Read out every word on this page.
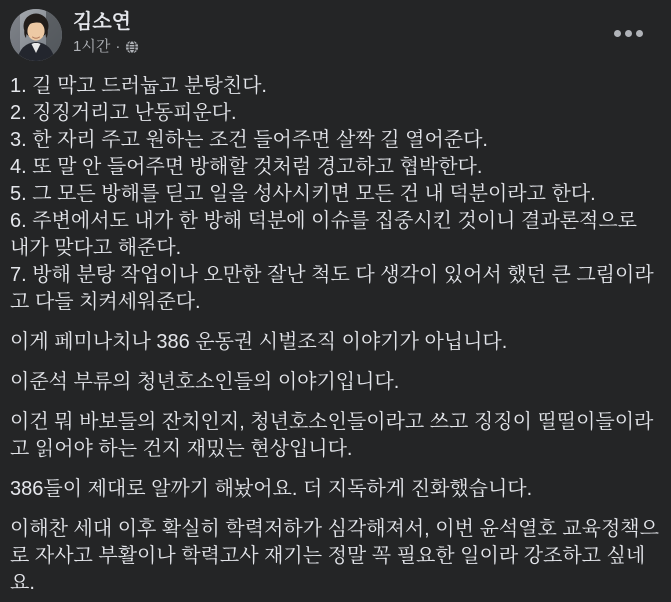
김소연
1시간 ·
1. 길 막고 드러눕고 분탕친다.
2. 징징거리고 난동피운다.
3. 한 자리 주고 원하는 조건 들어주면 살짝 길 열어준다.
4. 또 말 안 들어주면 방해할 것처럼 경고하고 협박한다.
5. 그 모든 방해를 딛고 일을 성사시키면 모든 건 내 덕분이라고 한다.
6. 주변에서도 내가 한 방해 덕분에 이슈를 집중시킨 것이니 결과론적으로 내가 맞다고 해준다.
7. 방해 분탕 작업이나 오만한 잘난 척도 다 생각이 있어서 했던 큰 그림이라고 다들 치켜세워준다.
이게 페미나치나 386 운동권 시벌조직 이야기가 아닙니다.
이준석 부류의 청년호소인들의 이야기입니다.
이건 뭐 바보들의 잔치인지, 청년호소인들이라고 쓰고 징징이 띨띨이들이라고 읽어야 하는 건지 재밌는 현상입니다.
386들이 제대로 알까기 해놨어요. 더 지독하게 진화했습니다.
이해찬 세대 이후 확실히 학력저하가 심각해져서, 이번 윤석열호 교육정책으로 자사고 부활이나 학력고사 재기는 정말 꼭 필요한 일이라 강조하고 싶네요.
